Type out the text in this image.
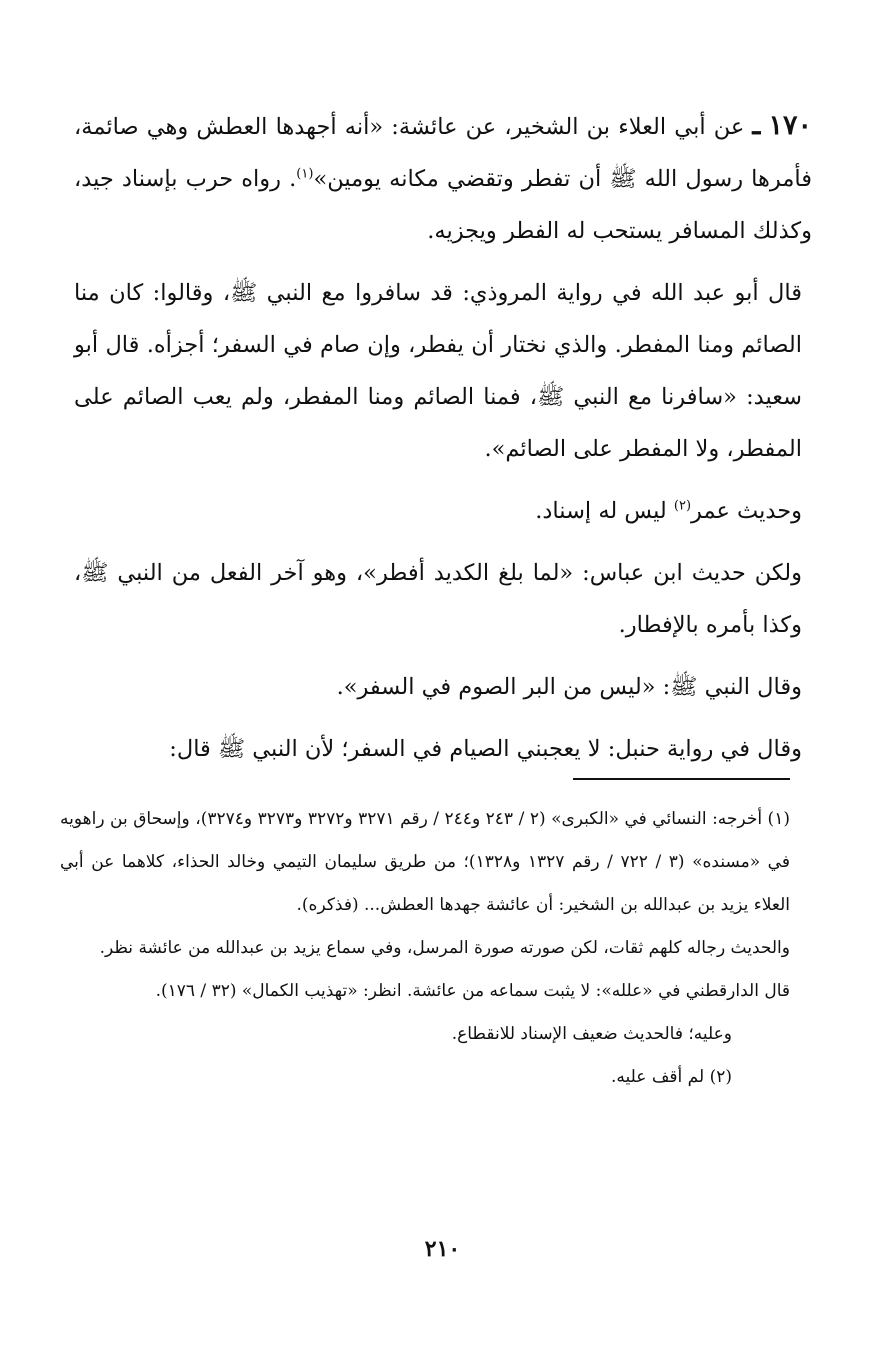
١٧٠ ـ عن أبي العلاء بن الشخير، عن عائشة: «أنه أجهدها العطش وهي صائمة، فأمرها رسول الله ﷺ أن تفطر وتقضي مكانه يومين»$^{(١)}$. رواه حرب بإسناد جيد، وكذلك المسافر يستحب له الفطر ويجزيه.

قال أبو عبد الله في رواية المروذي: قد سافروا مع النبي ﷺ، وقالوا: كان منا الصائم ومنا المفطر. والذي نختار أن يفطر، وإن صام في السفر؛ أجزأه. قال أبو سعيد: «سافرنا مع النبي ﷺ، فمنا الصائم ومنا المفطر، ولم يعب الصائم على المفطر، ولا المفطر على الصائم».

وحديث عمر$^{(٢)}$ ليس له إسناد.

ولكن حديث ابن عباس: «لما بلغ الكديد أفطر»، وهو آخر الفعل من النبي ﷺ، وكذا بأمره بالإفطار.

وقال النبي ﷺ: «ليس من البر الصوم في السفر».

وقال في رواية حنبل: لا يعجبني الصيام في السفر؛ لأن النبي ﷺ قال:

(١) أخرجه: النسائي في «الكبرى» (٢ / ٢٤٣ و٢٤٤ / رقم ٣٢٧١ و٣٢٧٢ و٣٢٧٣ و٣٢٧٤)، وإسحاق بن راهويه في «مسنده» (٣ / ٧٢٢ / رقم ١٣٢٧ و١٣٢٨)؛ من طريق سليمان التيمي وخالد الحذاء، كلاهما عن أبي العلاء يزيد بن عبدالله بن الشخير: أن عائشة جهدها العطش... (فذكره).

والحديث رجاله كلهم ثقات، لكن صورته صورة المرسل، وفي سماع يزيد بن عبدالله من عائشة نظر.

قال الدارقطني في «علله»: لا يثبت سماعه من عائشة. انظر: «تهذيب الكمال» (٣٢ / ١٧٦).

وعليه؛ فالحديث ضعيف الإسناد للانقطاع.

(٢) لم أقف عليه.

٢١٠
